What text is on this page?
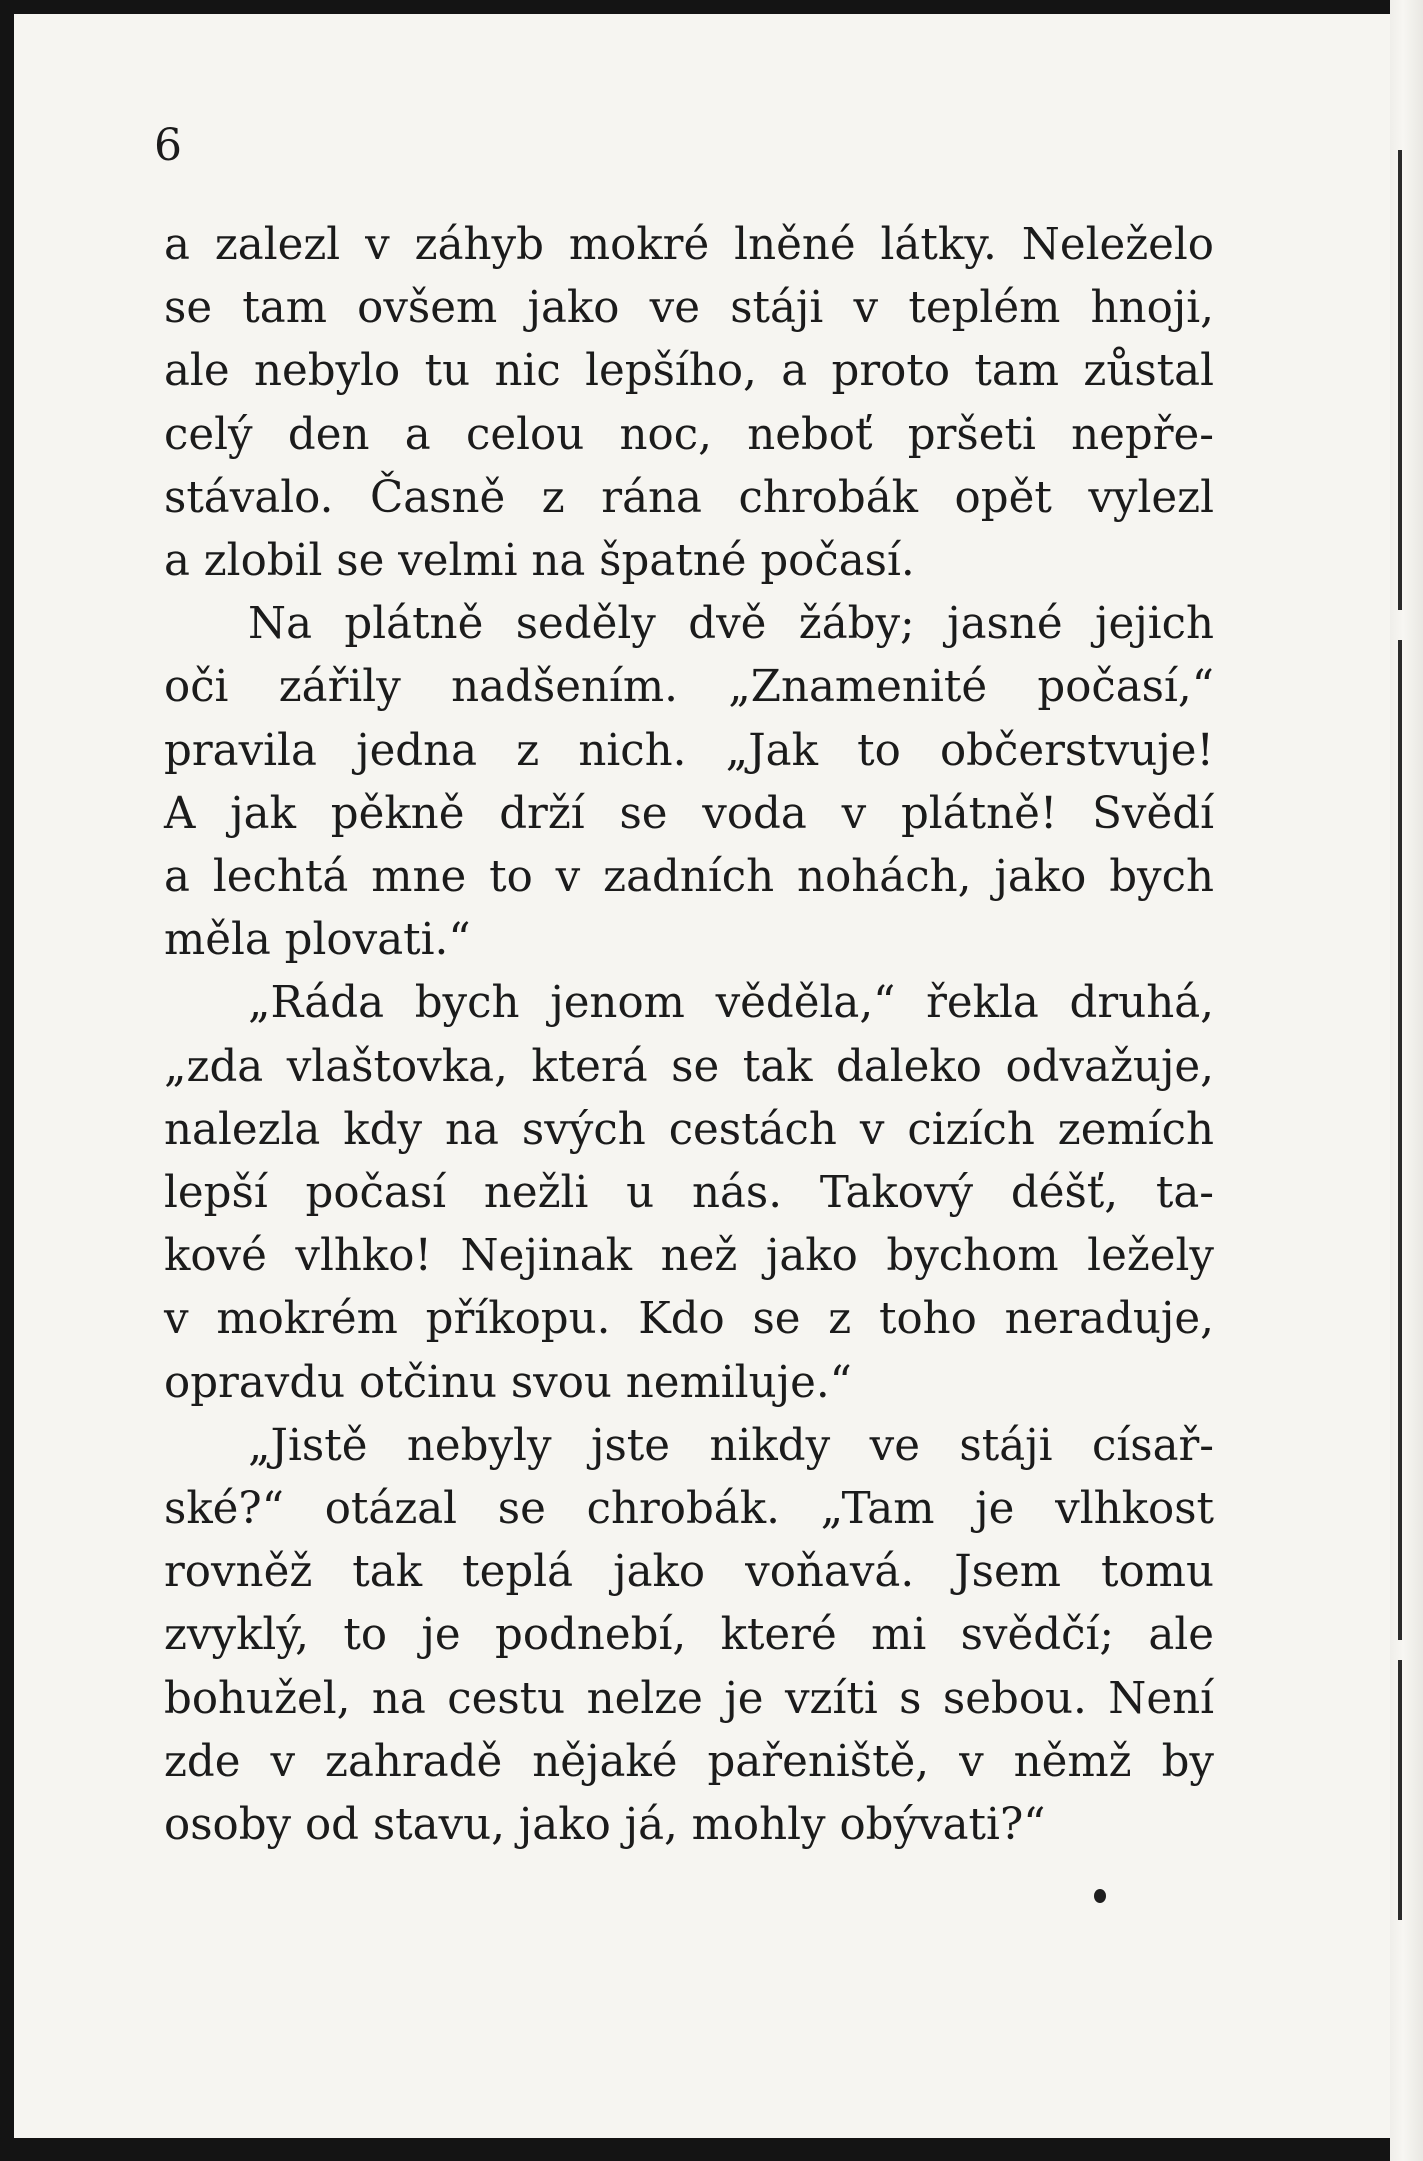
6
a zalezl v záhyb mokré lněné látky. Neleželo
se tam ovšem jako ve stáji v teplém hnoji,
ale nebylo tu nic lepšího, a proto tam zůstal
celý den a celou noc, neboť pršeti nepře-
stávalo. Časně z rána chrobák opět vylezl
a zlobil se velmi na špatné počasí.
Na plátně seděly dvě žáby; jasné jejich
oči zářily nadšením. „Znamenité počasí,“
pravila jedna z nich. „Jak to občerstvuje!
A jak pěkně drží se voda v plátně! Svědí
a lechtá mne to v zadních nohách, jako bych
měla plovati.“
„Ráda bych jenom věděla,“ řekla druhá,
„zda vlaštovka, která se tak daleko odvažuje,
nalezla kdy na svých cestách v cizích zemích
lepší počasí nežli u nás. Takový déšť, ta-
kové vlhko! Nejinak než jako bychom ležely
v mokrém příkopu. Kdo se z toho neraduje,
opravdu otčinu svou nemiluje.“
„Jistě nebyly jste nikdy ve stáji císař-
ské?“ otázal se chrobák. „Tam je vlhkost
rovněž tak teplá jako voňavá. Jsem tomu
zvyklý, to je podnebí, které mi svědčí; ale
bohužel, na cestu nelze je vzíti s sebou. Není
zde v zahradě nějaké pařeniště, v němž by
osoby od stavu, jako já, mohly obývati?“
